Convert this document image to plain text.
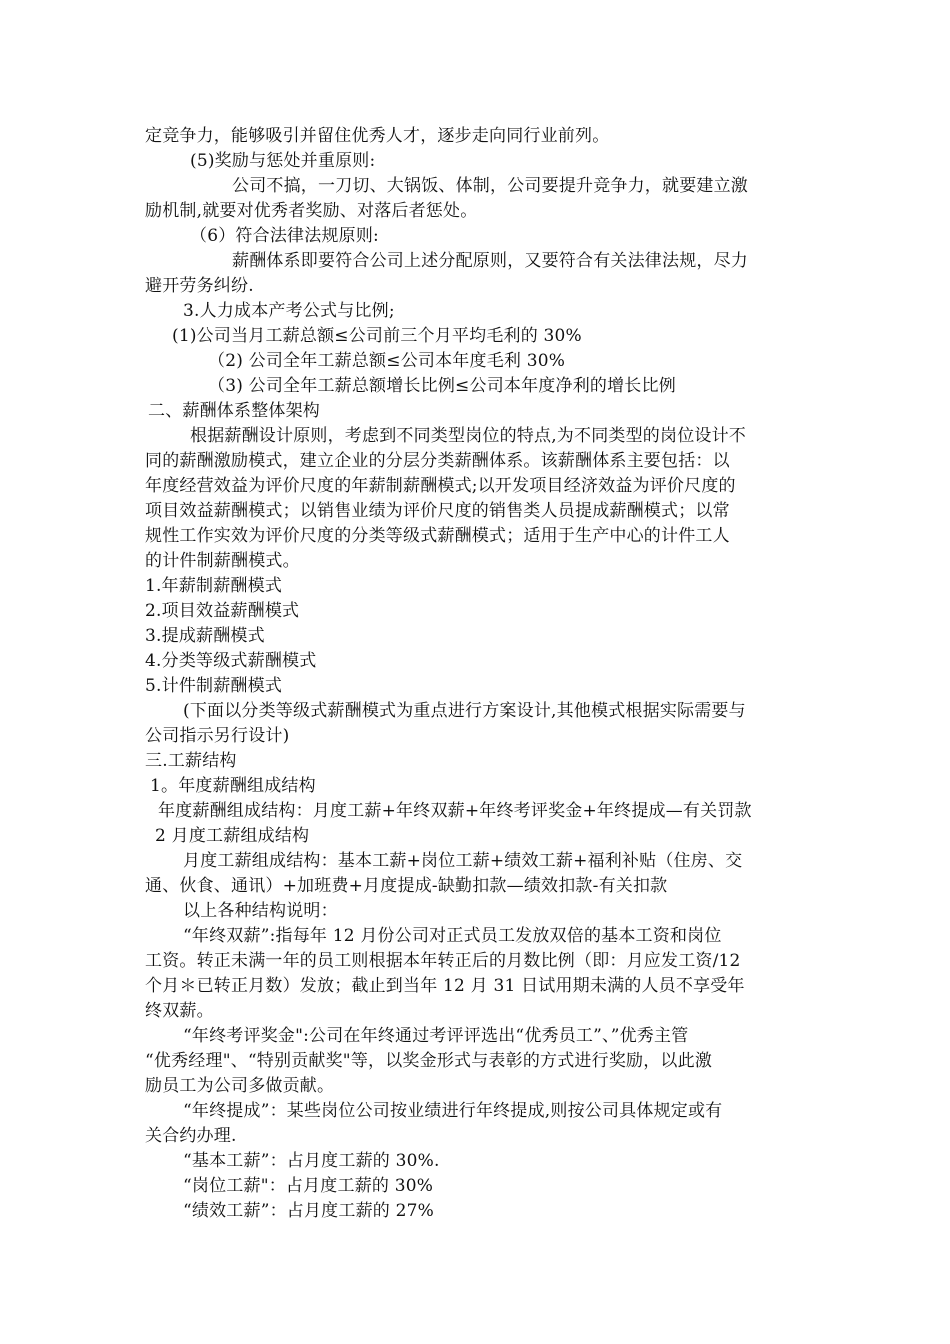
定竞争力，能够吸引并留住优秀人才，逐步走向同行业前列。
(5)奖励与惩处并重原则:
公司不搞，一刀切、大锅饭、体制，公司要提升竞争力，就要建立激
励机制,就要对优秀者奖励、对落后者惩处。
（6）符合法律法规原则:
薪酬体系即要符合公司上述分配原则，又要符合有关法律法规，尽力
避开劳务纠纷.
3.人力成本产考公式与比例;
(1)公司当月工薪总额≤公司前三个月平均毛利的 30%
（2) 公司全年工薪总额≤公司本年度毛利 30%
（3) 公司全年工薪总额增长比例≤公司本年度净利的增长比例
二、薪酬体系整体架构
根据薪酬设计原则，考虑到不同类型岗位的特点,为不同类型的岗位设计不
同的薪酬激励模式，建立企业的分层分类薪酬体系。该薪酬体系主要包括：以
年度经营效益为评价尺度的年薪制薪酬模式;以开发项目经济效益为评价尺度的
项目效益薪酬模式；以销售业绩为评价尺度的销售类人员提成薪酬模式；以常
规性工作实效为评价尺度的分类等级式薪酬模式；适用于生产中心的计件工人
的计件制薪酬模式。
1.年薪制薪酬模式
2.项目效益薪酬模式
3.提成薪酬模式
4.分类等级式薪酬模式
5.计件制薪酬模式
(下面以分类等级式薪酬模式为重点进行方案设计,其他模式根据实际需要与
公司指示另行设计)
三.工薪结构
1。年度薪酬组成结构
年度薪酬组成结构：月度工薪+年终双薪+年终考评奖金+年终提成—有关罚款
2 月度工薪组成结构
月度工薪组成结构：基本工薪+岗位工薪+绩效工薪+福利补贴（住房、交
通、伙食、通讯）+加班费+月度提成-缺勤扣款—绩效扣款-有关扣款
以上各种结构说明：
“年终双薪”:指每年 12 月份公司对正式员工发放双倍的基本工资和岗位
工资。转正未满一年的员工则根据本年转正后的月数比例（即：月应发工资/12
个月＊已转正月数）发放；截止到当年 12 月 31 日试用期未满的人员不享受年
终双薪。
“年终考评奖金":公司在年终通过考评评选出“优秀员工”、”优秀主管
“优秀经理"、“特别贡献奖"等，以奖金形式与表彰的方式进行奖励，以此激
励员工为公司多做贡献。
“年终提成”：某些岗位公司按业绩进行年终提成,则按公司具体规定或有
关合约办理.
“基本工薪”：占月度工薪的 30%.
“岗位工薪"：占月度工薪的 30%
“绩效工薪”：占月度工薪的 27%
